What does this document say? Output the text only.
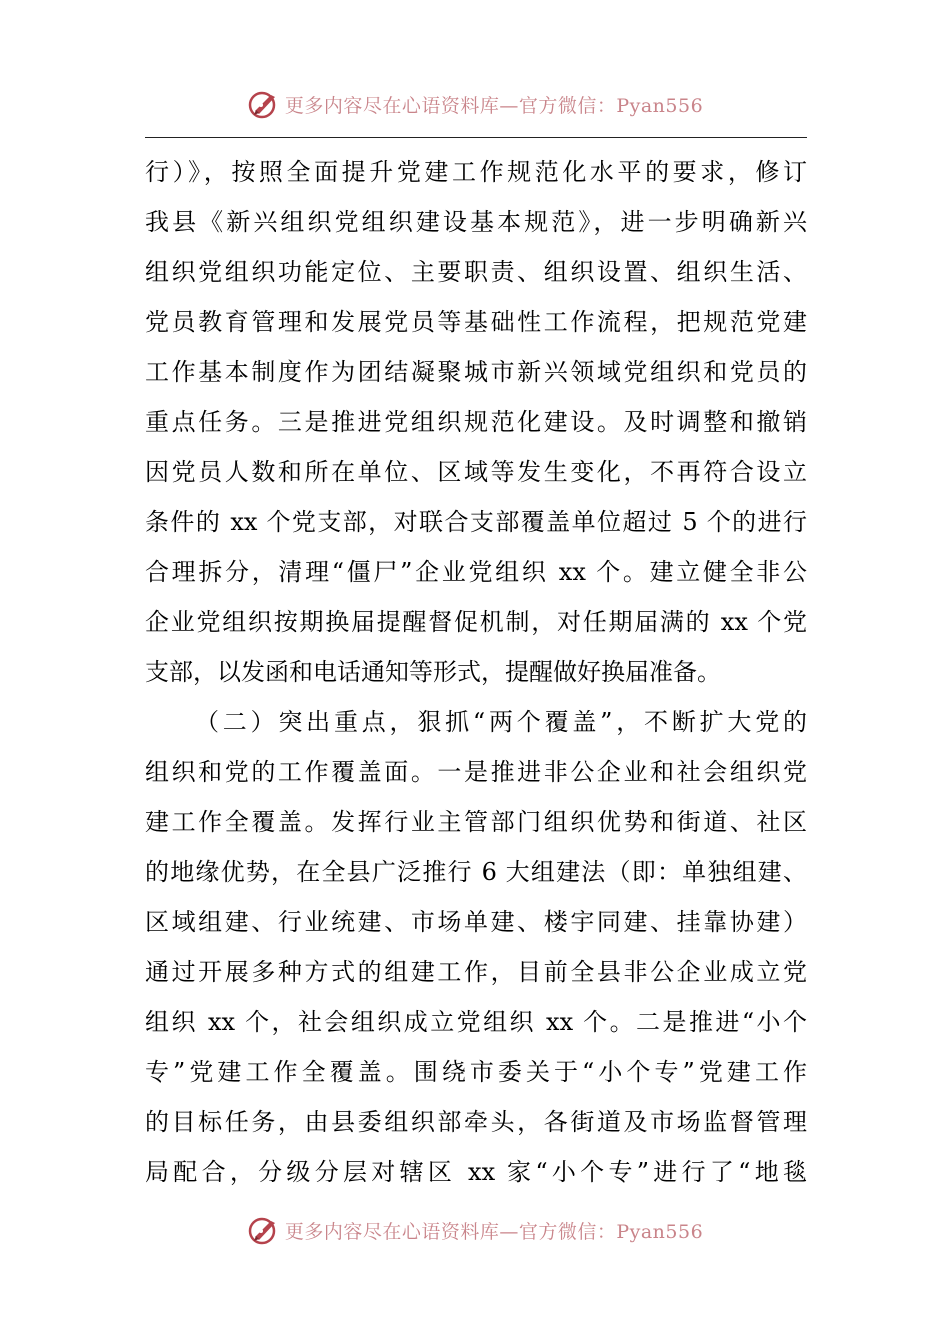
更多内容尽在心语资料库—官方微信：Pyan556
行）》，按照全面提升党建工作规范化水平的要求，修订
我县《新兴组织党组织建设基本规范》，进一步明确新兴
组织党组织功能定位、主要职责、组织设置、组织生活、
党员教育管理和发展党员等基础性工作流程，把规范党建
工作基本制度作为团结凝聚城市新兴领域党组织和党员的
重点任务。三是推进党组织规范化建设。及时调整和撤销
因党员人数和所在单位、区域等发生变化，不再符合设立
条件的 xx 个党支部，对联合支部覆盖单位超过 5 个的进行
合理拆分，清理“僵尸”企业党组织 xx 个。建立健全非公
企业党组织按期换届提醒督促机制，对任期届满的 xx 个党
支部，以发函和电话通知等形式，提醒做好换届准备。
（二）突出重点，狠抓“两个覆盖”，不断扩大党的
组织和党的工作覆盖面。一是推进非公企业和社会组织党
建工作全覆盖。发挥行业主管部门组织优势和街道、社区
的地缘优势，在全县广泛推行 6 大组建法（即：单独组建、
区域组建、行业统建、市场单建、楼宇同建、挂靠协建）
通过开展多种方式的组建工作，目前全县非公企业成立党
组织 xx 个，社会组织成立党组织 xx 个。二是推进“小个
专”党建工作全覆盖。围绕市委关于“小个专”党建工作
的目标任务，由县委组织部牵头，各街道及市场监督管理
局配合，分级分层对辖区 xx 家“小个专”进行了“地毯
更多内容尽在心语资料库—官方微信：Pyan556
